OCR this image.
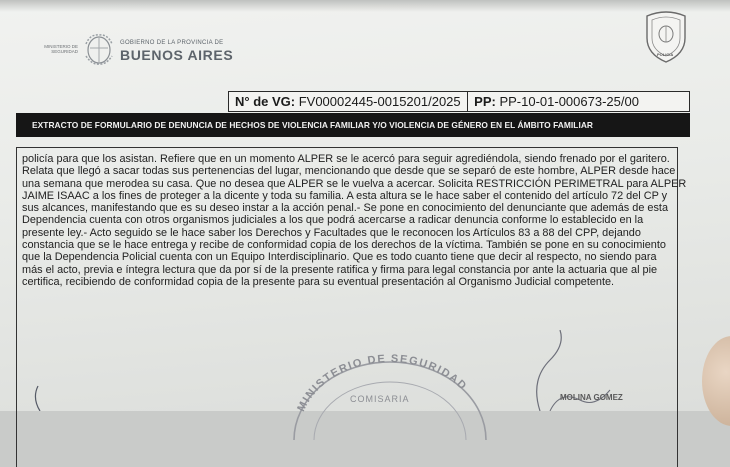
MINISTERIO DE SEGURIDAD
GOBIERNO DE LA PROVINCIA DE
BUENOS AIRES	POLICIA
N° de VG: FV00002445-0015201/2025 PP: PP-10-01-000673-25/00
EXTRACTO DE FORMULARIO DE DENUNCIA DE HECHOS DE VIOLENCIA FAMILIAR Y/O VIOLENCIA DE GÉNERO EN EL ÁMBITO FAMILIAR
policía para que los asistan. Refiere que en un momento ALPER se le acercó para seguir agrediéndola, siendo frenado por el garitero.
Relata que llegó a sacar todas sus pertenencias del lugar, mencionando que desde que se separó de este hombre, ALPER desde hace
una semana que merodea su casa. Que no desea que ALPER se le vuelva a acercar. Solicita RESTRICCIÓN PERIMETRAL para ALPER
JAIME ISAAC a los fines de proteger a la dicente y toda su familia. A esta altura se le hace saber el contenido del artículo 72 del CP y
sus alcances, manifestando que es su deseo instar a la acción penal.- Se pone en conocimiento del denunciante que además de esta
Dependencia cuenta con otros organismos judiciales a los que podrá acercarse a radicar denuncia conforme lo establecido en la
presente ley.- Acto seguido se le hace saber los Derechos y Facultades que le reconocen los Artículos 83 a 88 del CPP, dejando
constancia que se le hace entrega y recibe de conformidad copia de los derechos de la víctima. También se pone en su conocimiento
que la Dependencia Policial cuenta con un Equipo Interdisciplinario. Que es todo cuanto tiene que decir al respecto, no siendo para
más el acto, previa e íntegra lectura que da por sí de la presente ratifica y firma para legal constancia por ante la actuaria que al pie
certifica, recibiendo de conformidad copia de la presente para su eventual presentación al Organismo Judicial competente.
MINISTERIO DE SEGURIDAD
COMISARIA	MOLINA GOMEZ
